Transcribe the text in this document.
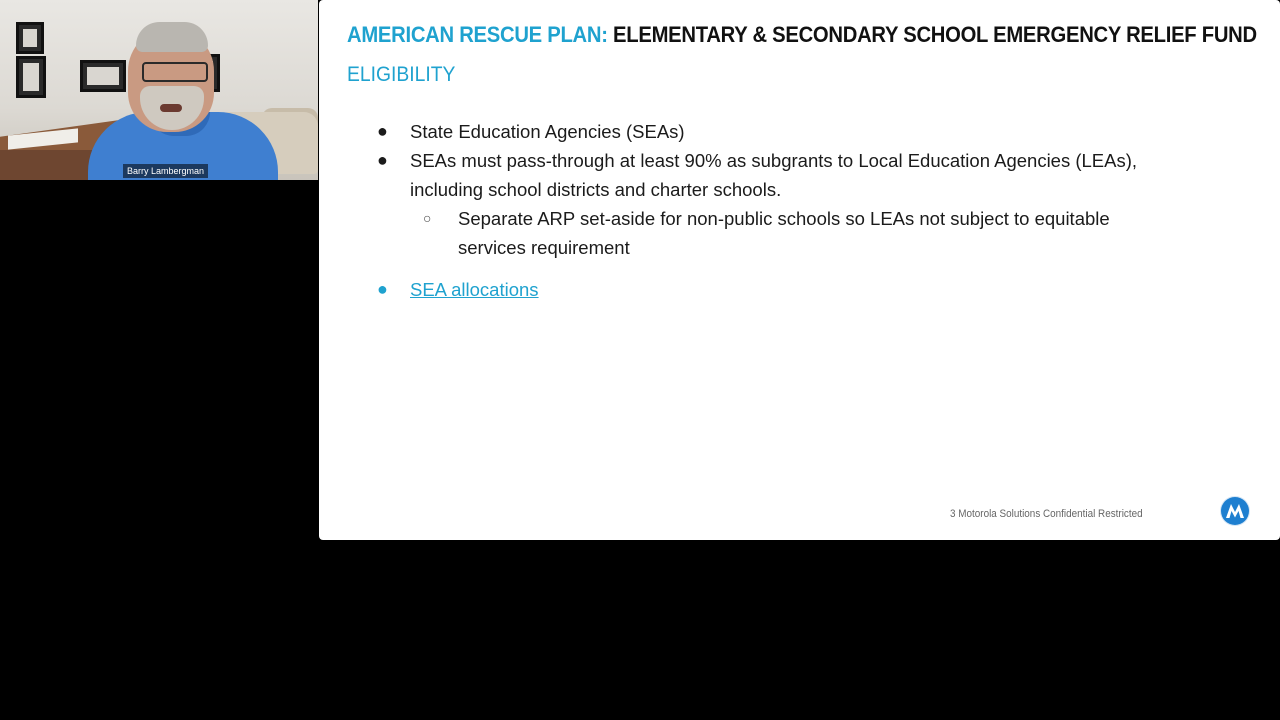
Barry Lambergman
AMERICAN RESCUE PLAN: ELEMENTARY & SECONDARY SCHOOL EMERGENCY RELIEF FUND
ELIGIBILITY
● State Education Agencies (SEAs)
● SEAs must pass-through at least 90% as subgrants to Local Education Agencies (LEAs), including school districts and charter schools.
○ Separate ARP set-aside for non-public schools so LEAs not subject to equitable services requirement
● SEA allocations
3 Motorola Solutions Confidential Restricted
